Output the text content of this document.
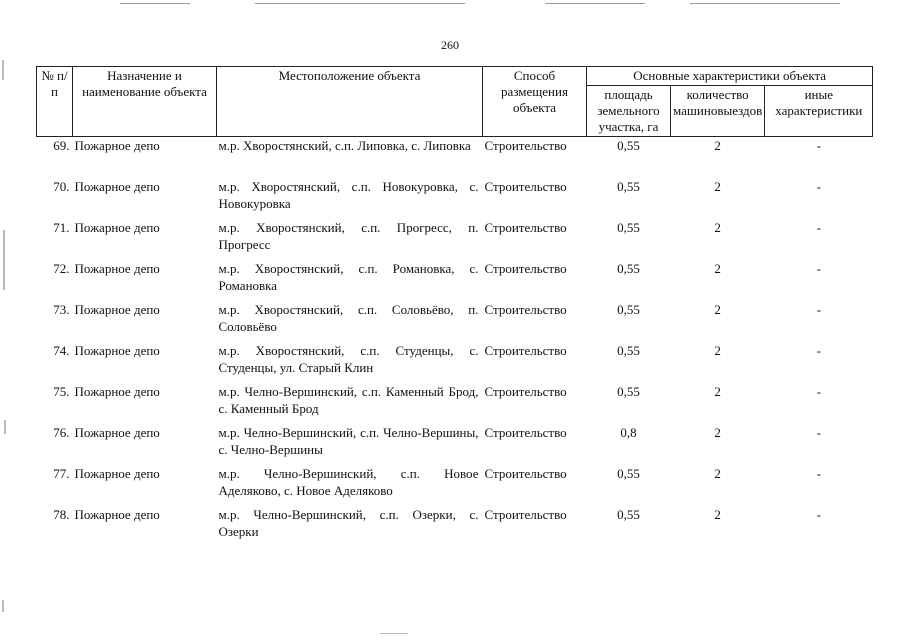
260
№ п/п	Назначение и наименование объекта	Местоположение объекта	Способ размещения объекта	Основные характеристики объекта		
				площадь земельного участка, га	количество машиновыездов	иные характеристики
69.	Пожарное депо	м.р. Хворостянский, с.п. Липовка, с. Липовка	Строительство	0,55	2	-
70.	Пожарное депо	м.р. Хворостянский, с.п. Новокуровка, с. Новокуровка	Строительство	0,55	2	-
71.	Пожарное депо	м.р. Хворостянский, с.п. Прогресс, п. Прогресс	Строительство	0,55	2	-
72.	Пожарное депо	м.р. Хворостянский, с.п. Романовка, с. Романовка	Строительство	0,55	2	-
73.	Пожарное депо	м.р. Хворостянский, с.п. Соловьёво, п. Соловьёво	Строительство	0,55	2	-
74.	Пожарное депо	м.р. Хворостянский, с.п. Студенцы, с. Студенцы, ул. Старый Клин	Строительство	0,55	2	-
75.	Пожарное депо	м.р. Челно-Вершинский, с.п. Каменный Брод, с. Каменный Брод	Строительство	0,55	2	-
76.	Пожарное депо	м.р. Челно-Вершинский, с.п. Челно-Вершины, с. Челно-Вершины	Строительство	0,8	2	-
77.	Пожарное депо	м.р. Челно-Вершинский, с.п. Новое Аделяково, с. Новое Аделяково	Строительство	0,55	2	-
78.	Пожарное депо	м.р. Челно-Вершинский, с.п. Озерки, с. Озерки	Строительство	0,55	2	-
